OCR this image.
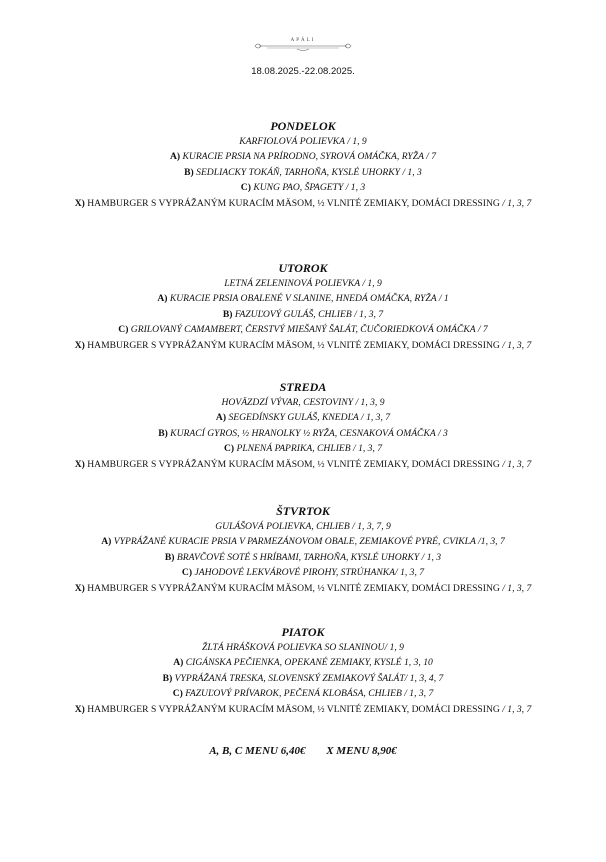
APÁLI
18.08.2025.-22.08.2025.
PONDELOK
KARFIOLOVÁ POLIEVKA / 1, 9
A) KURACIE PRSIA NA PRÍRODNO, SYROVÁ OMÁČKA, RYŽA / 7
B) SEDLIACKY TOKÁŇ, TARHOŇA, KYSLÉ UHORKY / 1, 3
C) KUNG PAO, ŠPAGETY / 1, 3
X) HAMBURGER S VYPRÁŽANÝM KURACÍM MÄSOM, ½ VLNITÉ ZEMIAKY, DOMÁCI DRESSING / 1, 3, 7
UTOROK
LETNÁ ZELENINOVÁ POLIEVKA / 1, 9
A) KURACIE PRSIA OBALENÉ V SLANINE, HNEDÁ OMÁČKA, RYŽA / 1
B) FAZUĽOVÝ GULÁŠ, CHLIEB / 1, 3, 7
C) GRILOVANÝ CAMAMBERT, ČERSTVÝ MIEŠANÝ ŠALÁT, ČUČORIEDKOVÁ OMÁČKA / 7
X) HAMBURGER S VYPRÁŽANÝM KURACÍM MÄSOM, ½ VLNITÉ ZEMIAKY, DOMÁCI DRESSING / 1, 3, 7
STREDA
HOVÄZDZÍ VÝVAR, CESTOVINY / 1, 3, 9
A) SEGEDÍNSKY GULÁŠ, KNEDĽA / 1, 3, 7
B) KURACÍ GYROS, ½ HRANOLKY ½ RYŽA, CESNAKOVÁ OMÁČKA / 3
C) PLNENÁ PAPRIKA, CHLIEB / 1, 3, 7
X) HAMBURGER S VYPRÁŽANÝM KURACÍM MÄSOM, ½ VLNITÉ ZEMIAKY, DOMÁCI DRESSING / 1, 3, 7
ŠTVRTOK
GULÁŠOVÁ POLIEVKA, CHLIEB / 1, 3, 7, 9
A) VYPRÁŽANÉ KURACIE PRSIA V PARMEZÁNOVOM OBALE, ZEMIAKOVÉ PYRÉ, CVIKLA /1, 3, 7
B) BRAVČOVÉ SOTÉ S HRÍBAMI, TARHOŇA, KYSLÉ UHORKY / 1, 3
C) JAHODOVÉ LEKVÁROVÉ PIROHY, STRÚHANKA/ 1, 3, 7
X) HAMBURGER S VYPRÁŽANÝM KURACÍM MÄSOM, ½ VLNITÉ ZEMIAKY, DOMÁCI DRESSING / 1, 3, 7
PIATOK
ŽLTÁ HRÁŠKOVÁ POLIEVKA SO SLANINOU/ 1, 9
A) CIGÁNSKA PEČIENKA, OPEKANÉ ZEMIAKY, KYSLÉ 1, 3, 10
B) VYPRÁŽANÁ TRESKA, SLOVENSKÝ ZEMIAKOVÝ ŠALÁT/ 1, 3, 4, 7
C) FAZUĽOVÝ PRÍVAROK, PEČENÁ KLOBÁSA, CHLIEB / 1, 3, 7
X) HAMBURGER S VYPRÁŽANÝM KURACÍM MÄSOM, ½ VLNITÉ ZEMIAKY, DOMÁCI DRESSING / 1, 3, 7
A, B, C MENU 6,40€ X MENU 8,90€
